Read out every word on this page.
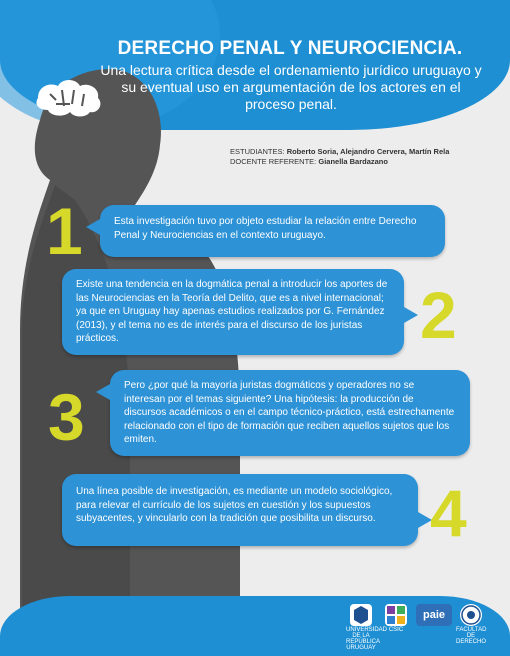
DERECHO PENAL Y NEUROCIENCIA.

Una lectura crítica desde el ordenamiento jurídico uruguayo y su eventual uso en argumentación de los actores en el proceso penal.

ESTUDIANTES: Roberto Soria, Alejandro Cervera, Martín Rela
DOCENTE REFERENTE: Gianella Bardazano
1	Esta investigación tuvo por objeto estudiar la relación entre Derecho Penal y Neurociencias en el contexto uruguayo.
Existe una tendencia en la dogmática penal a introducir los aportes de las Neurociencias en la Teoría del Delito, que es a nivel internacional; ya que en Uruguay hay apenas estudios realizados por G. Fernández (2013), y el tema no es de interés para el discurso de los juristas prácticos.	2
3	Pero ¿por qué la mayoría juristas dogmáticos y operadores no se interesan por el temas siguiente? Una hipótesis: la producción de discursos académicos o en el campo técnico-práctico, está estrechamente relacionado con el tipo de formación que reciben aquellos sujetos que los emiten.
Una línea posible de investigación, es mediante un modelo sociológico, para relevar el currículo de los sujetos en cuestión y los supuestos subyacentes, y vincularlo con la tradición que posibilita un discurso. 4
UNIVERSIDAD DE LA REPÚBLICA URUGUAY
CSIC
paie
FACULTAD DE DERECHO
